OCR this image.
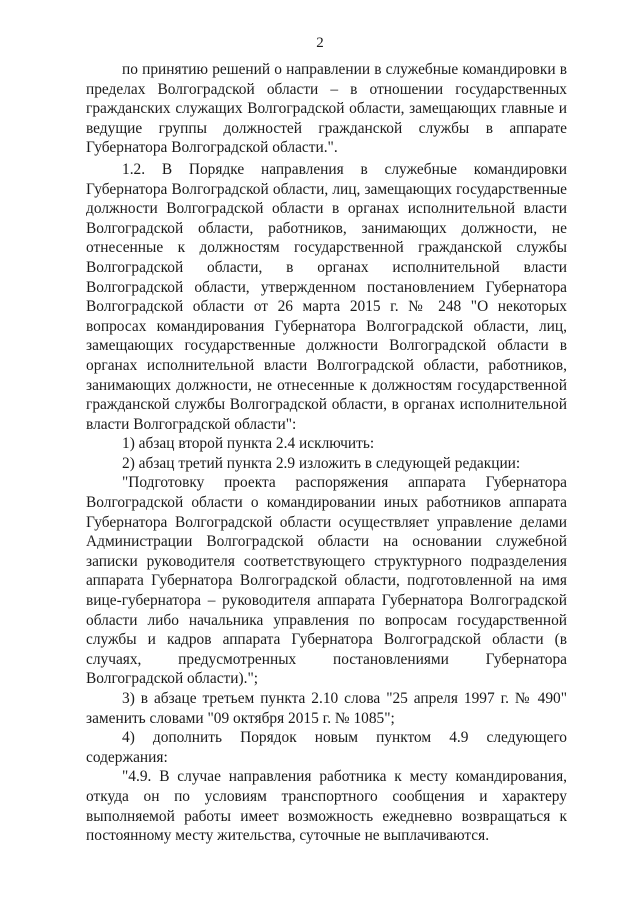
2

по принятию решений о направлении в служебные командировки в пределах Волгоградской области – в отношении государственных гражданских служащих Волгоградской области, замещающих главные и ведущие группы должностей гражданской службы в аппарате Губернатора Волгоградской области.".

1.2. В Порядке направления в служебные командировки Губернатора Волгоградской области, лиц, замещающих государственные должности Волгоградской области в органах исполнительной власти Волгоградской области, работников, занимающих должности, не отнесенные к должностям государственной гражданской службы Волгоградской области, в органах исполнительной власти Волгоградской области, утвержденном постановлением Губернатора Волгоградской области от 26 марта 2015 г. № 248 "О некоторых вопросах командирования Губернатора Волгоградской области, лиц, замещающих государственные должности Волгоградской области в органах исполнительной власти Волгоградской области, работников, занимающих должности, не отнесенные к должностям государственной гражданской службы Волгоградской области, в органах исполнительной власти Волгоградской области":

1) абзац второй пункта 2.4 исключить:

2) абзац третий пункта 2.9 изложить в следующей редакции:

"Подготовку проекта распоряжения аппарата Губернатора Волгоградской области о командировании иных работников аппарата Губернатора Волгоградской области осуществляет управление делами Администрации Волгоградской области на основании служебной записки руководителя соответствующего структурного подразделения аппарата Губернатора Волгоградской области, подготовленной на имя вице-губернатора – руководителя аппарата Губернатора Волгоградской области либо начальника управления по вопросам государственной службы и кадров аппарата Губернатора Волгоградской области (в случаях, предусмотренных постановлениями Губернатора Волгоградской области).";

3) в абзаце третьем пункта 2.10 слова "25 апреля 1997 г. № 490" заменить словами "09 октября 2015 г. № 1085";

4) дополнить Порядок новым пунктом 4.9 следующего содержания:

"4.9. В случае направления работника к месту командирования, откуда он по условиям транспортного сообщения и характеру выполняемой работы имеет возможность ежедневно возвращаться к постоянному месту жительства, суточные не выплачиваются.
